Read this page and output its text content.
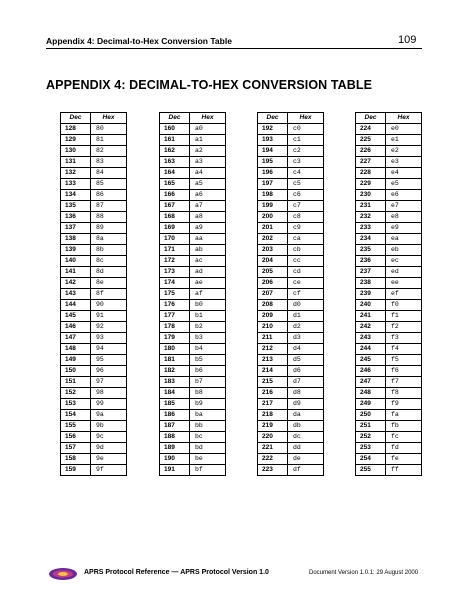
Appendix 4: Decimal-to-Hex Conversion Table	109
APPENDIX 4: DECIMAL-TO-HEX CONVERSION TABLE
Dec	Hex
128	80
129	81
130	82
131	83
132	84
133	85
134	86
135	87
136	88
137	89
138	8a
139	8b
140	8c
141	8d
142	8e
143	8f
144	90
145	91
146	92
147	93
148	94
149	95
150	96
151	97
152	98
153	99
154	9a
155	9b
156	9c
157	9d
158	9e
159	9f
Dec	Hex
160	a0
161	a1
162	a2
163	a3
164	a4
165	a5
166	a6
167	a7
168	a8
169	a9
170	aa
171	ab
172	ac
173	ad
174	ae
175	af
176	b0
177	b1
178	b2
179	b3
180	b4
181	b5
182	b6
183	b7
184	b8
185	b9
186	ba
187	bb
188	bc
189	bd
190	be
191	bf
Dec	Hex
192	c0
193	c1
194	c2
195	c3
196	c4
197	c5
198	c6
199	c7
200	c8
201	c9
202	ca
203	cb
204	cc
205	cd
206	ce
207	cf
208	d0
209	d1
210	d2
211	d3
212	d4
213	d5
214	d6
215	d7
216	d8
217	d9
218	da
219	db
220	dc
221	dd
222	de
223	df
Dec	Hex
224	e0
225	e1
226	e2
227	e3
228	e4
229	e5
230	e6
231	e7
232	e8
233	e9
234	ea
235	eb
236	ec
237	ed
238	ee
239	ef
240	f0
241	f1
242	f2
243	f3
244	f4
245	f5
246	f6
247	f7
248	f8
249	f9
250	fa
251	fb
252	fc
253	fd
254	fe
255	ff
APRS Protocol Reference — APRS Protocol Version 1.0	Document Version 1.0.1: 29 August 2000
